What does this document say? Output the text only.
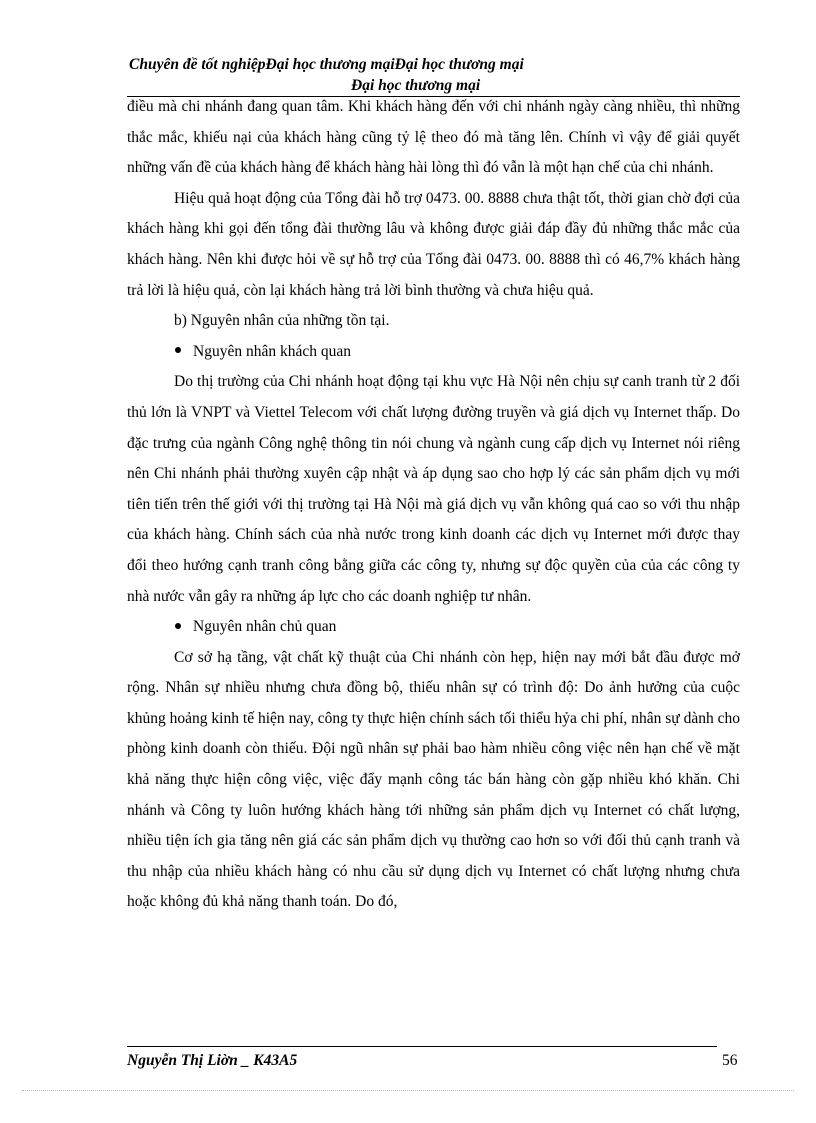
Chuyên đề tốt nghiệpĐại học thương mạiĐại học thương mại
Đại học thương mại

điều mà chi nhánh đang quan tâm. Khi khách hàng đến với chi nhánh ngày càng nhiều, thì những thắc mắc, khiếu nại của khách hàng cũng tỷ lệ theo đó mà tăng lên. Chính vì vậy để giải quyết những vấn đề của khách hàng để khách hàng hài lòng thì đó vẫn là một hạn chế của chi nhánh.

Hiệu quả hoạt động của Tổng đài hỗ trợ 0473. 00. 8888 chưa thật tốt, thời gian chờ đợi của khách hàng khi gọi đến tổng đài thường lâu và không được giải đáp đầy đủ những thắc mắc của khách hàng. Nên khi được hỏi về sự hỗ trợ của Tổng đài 0473. 00. 8888 thì có 46,7% khách hàng trả lời là hiệu quả, còn lại khách hàng trả lời bình thường và chưa hiệu quả.

b) Nguyên nhân của những tồn tại.

Nguyên nhân khách quan

Do thị trường của Chi nhánh hoạt động tại khu vực Hà Nội nên chịu sự canh tranh từ 2 đối thủ lớn là VNPT và Viettel Telecom với chất lượng đường truyền và giá dịch vụ Internet thấp. Do đặc trưng của ngành Công nghệ thông tin nói chung và ngành cung cấp dịch vụ Internet nói riêng nên Chi nhánh phải thường xuyên cập nhật và áp dụng sao cho hợp lý các sản phẩm dịch vụ mới tiên tiến trên thế giới với thị trường tại Hà Nội mà giá dịch vụ vẫn không quá cao so với thu nhập của khách hàng. Chính sách của nhà nước trong kinh doanh các dịch vụ Internet mới được thay đổi theo hướng cạnh tranh công bằng giữa các công ty, nhưng sự độc quyền của của các công ty nhà nước vẫn gây ra những áp lực cho các doanh nghiệp tư nhân.

Nguyên nhân chủ quan

Cơ sở hạ tầng, vật chất kỹ thuật của Chi nhánh còn hẹp, hiện nay mới bắt đầu được mở rộng. Nhân sự nhiều nhưng chưa đồng bộ, thiếu nhân sự có trình độ: Do ảnh hưởng của cuộc khủng hoảng kinh tế hiện nay, công ty thực hiện chính sách tối thiểu hỷa chi phí, nhân sự dành cho phòng kinh doanh còn thiếu. Đội ngũ nhân sự phải bao hàm nhiều công việc nên hạn chế về mặt khả năng thực hiện công việc, việc đẩy mạnh công tác bán hàng còn gặp nhiều khó khăn. Chi nhánh và Công ty luôn hướng khách hàng tới những sản phẩm dịch vụ Internet có chất lượng, nhiều tiện ích gia tăng nên giá các sản phẩm dịch vụ thường cao hơn so với đối thủ cạnh tranh và thu nhập của nhiều khách hàng có nhu cầu sử dụng dịch vụ Internet có chất lượng nhưng chưa hoặc không đủ khả năng thanh toán. Do đó,

Nguyễn Thị Liờn _ K43A5	56
